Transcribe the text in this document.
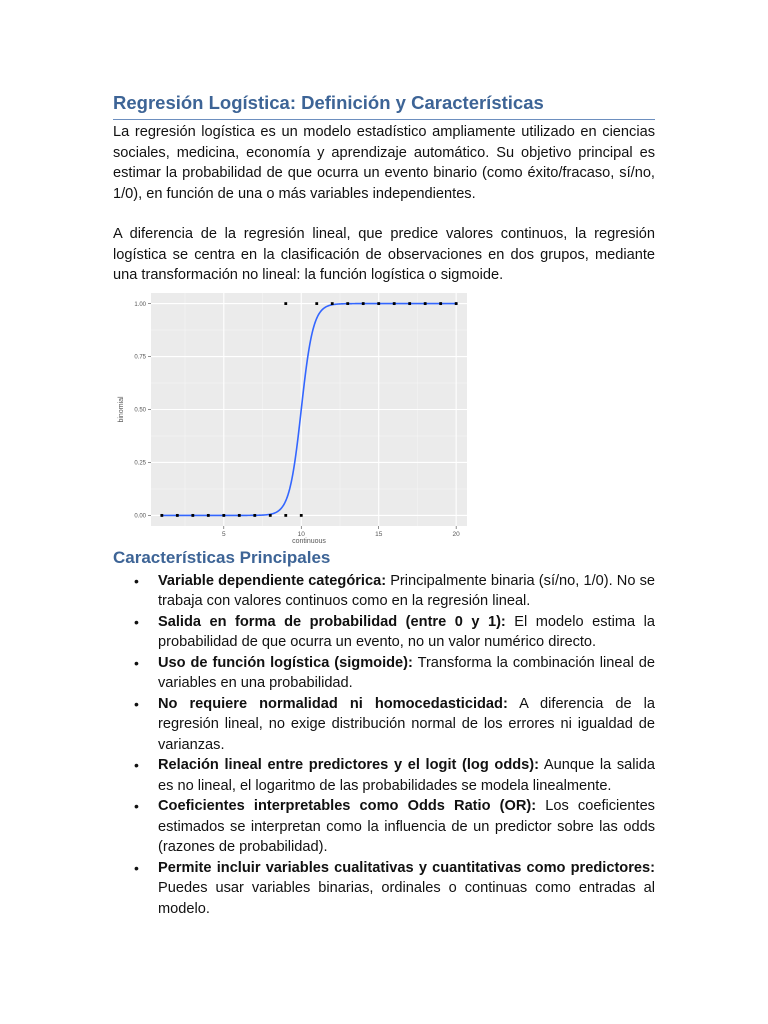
Regresión Logística: Definición y Características

La regresión logística es un modelo estadístico ampliamente utilizado en ciencias sociales, medicina, economía y aprendizaje automático. Su objetivo principal es estimar la probabilidad de que ocurra un evento binario (como éxito/fracaso, sí/no, 1/0), en función de una o más variables independientes.

A diferencia de la regresión lineal, que predice valores continuos, la regresión logística se centra en la clasificación de observaciones en dos grupos, mediante una transformación no lineal: la función logística o sigmoide.

5	10	15	20
0.00
0.25
0.50
0.75
1.00
continuous
binomial
Características Principales
• Variable dependiente categórica: Principalmente binaria (sí/no, 1/0). No se trabaja con valores continuos como en la regresión lineal.
• Salida en forma de probabilidad (entre 0 y 1): El modelo estima la probabilidad de que ocurra un evento, no un valor numérico directo.
• Uso de función logística (sigmoide): Transforma la combinación lineal de variables en una probabilidad.
• No requiere normalidad ni homocedasticidad: A diferencia de la regresión lineal, no exige distribución normal de los errores ni igualdad de varianzas.
• Relación lineal entre predictores y el logit (log odds): Aunque la salida es no lineal, el logaritmo de las probabilidades se modela linealmente.
• Coeficientes interpretables como Odds Ratio (OR): Los coeficientes estimados se interpretan como la influencia de un predictor sobre las odds (razones de probabilidad).
• Permite incluir variables cualitativas y cuantitativas como predictores: Puedes usar variables binarias, ordinales o continuas como entradas al modelo.
